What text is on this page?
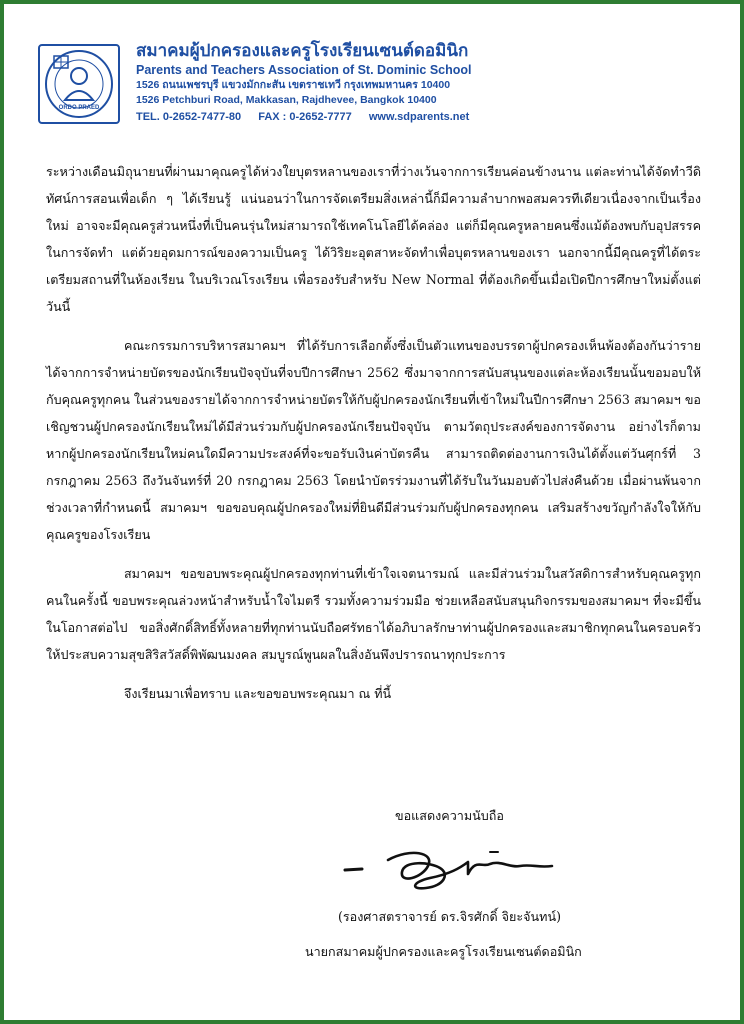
ORDO PRAED
สมาคมผู้ปกครองและครูโรงเรียนเซนต์ดอมินิก
Parents and Teachers Association of St. Dominic School
1526 ถนนเพชรบุรี แขวงมักกะสัน เขตราชเทวี กรุงเทพมหานคร 10400
1526 Petchburi Road, Makkasan, Rajdhevee, Bangkok 10400
TEL. 0-2652-7477-80 FAX : 0-2652-7777 www.sdparents.net

ระหว่างเดือนมิถุนายนที่ผ่านมาคุณครูได้ห่วงใยบุตรหลานของเราที่ว่างเว้นจากการเรียนค่อนข้างนาน แต่ละท่านได้จัดทำวีดิทัศน์การสอนเพื่อเด็ก ๆ ได้เรียนรู้ แน่นอนว่าในการจัดเตรียมสิ่งเหล่านี้ก็มีความลำบากพอสมควรทีเดียวเนื่องจากเป็นเรื่องใหม่ อาจจะมีคุณครูส่วนหนึ่งที่เป็นคนรุ่นใหม่สามารถใช้เทคโนโลยีได้คล่อง แต่ก็มีคุณครูหลายคนซึ่งแม้ต้องพบกับอุปสรรคในการจัดทำ แต่ด้วยอุดมการณ์ของความเป็นครู ได้วิริยะอุตสาหะจัดทำเพื่อบุตรหลานของเรา นอกจากนี้มีคุณครูที่ได้ตระเตรียมสถานที่ในห้องเรียน ในบริเวณโรงเรียน เพื่อรองรับสำหรับ New Normal ที่ต้องเกิดขึ้นเมื่อเปิดปีการศึกษาใหม่ตั้งแต่วันนี้

คณะกรรมการบริหารสมาคมฯ ที่ได้รับการเลือกตั้งซึ่งเป็นตัวแทนของบรรดาผู้ปกครองเห็นพ้องต้องกันว่ารายได้จากการจำหน่ายบัตรของนักเรียนปัจจุบันที่จบปีการศึกษา 2562 ซึ่งมาจากการสนับสนุนของแต่ละห้องเรียนนั้นขอมอบให้กับคุณครูทุกคน ในส่วนของรายได้จากการจำหน่ายบัตรให้กับผู้ปกครองนักเรียนที่เข้าใหม่ในปีการศึกษา 2563 สมาคมฯ ขอเชิญชวนผู้ปกครองนักเรียนใหม่ได้มีส่วนร่วมกับผู้ปกครองนักเรียนปัจจุบัน ตามวัตถุประสงค์ของการจัดงาน อย่างไรก็ตามหากผู้ปกครองนักเรียนใหม่คนใดมีความประสงค์ที่จะขอรับเงินค่าบัตรคืน สามารถติดต่องานการเงินได้ตั้งแต่วันศุกร์ที่ 3 กรกฎาคม 2563 ถึงวันจันทร์ที่ 20 กรกฎาคม 2563 โดยนำบัตรร่วมงานที่ได้รับในวันมอบตัวไปส่งคืนด้วย เมื่อผ่านพ้นจากช่วงเวลาที่กำหนดนี้ สมาคมฯ ขอขอบคุณผู้ปกครองใหม่ที่ยินดีมีส่วนร่วมกับผู้ปกครองทุกคน เสริมสร้างขวัญกำลังใจให้กับคุณครูของโรงเรียน

สมาคมฯ ขอขอบพระคุณผู้ปกครองทุกท่านที่เข้าใจเจตนารมณ์ และมีส่วนร่วมในสวัสดิการสำหรับคุณครูทุกคนในครั้งนี้ ขอบพระคุณล่วงหน้าสำหรับน้ำใจไมตรี รวมทั้งความร่วมมือ ช่วยเหลือสนับสนุนกิจกรรมของสมาคมฯ ที่จะมีขึ้นในโอกาสต่อไป ขอสิ่งศักดิ์สิทธิ์ทั้งหลายที่ทุกท่านนับถือศรัทธาได้อภิบาลรักษาท่านผู้ปกครองและสมาชิกทุกคนในครอบครัวให้ประสบความสุขสิริสวัสดิ์พิพัฒนมงคล สมบูรณ์พูนผลในสิ่งอันพึงปรารถนาทุกประการ

จึงเรียนมาเพื่อทราบ และขอขอบพระคุณมา ณ ที่นี้

ขอแสดงความนับถือ
(รองศาสตราจารย์ ดร.จิรศักดิ์ จิยะจันทน์)
นายกสมาคมผู้ปกครองและครูโรงเรียนเซนต์ดอมินิก
